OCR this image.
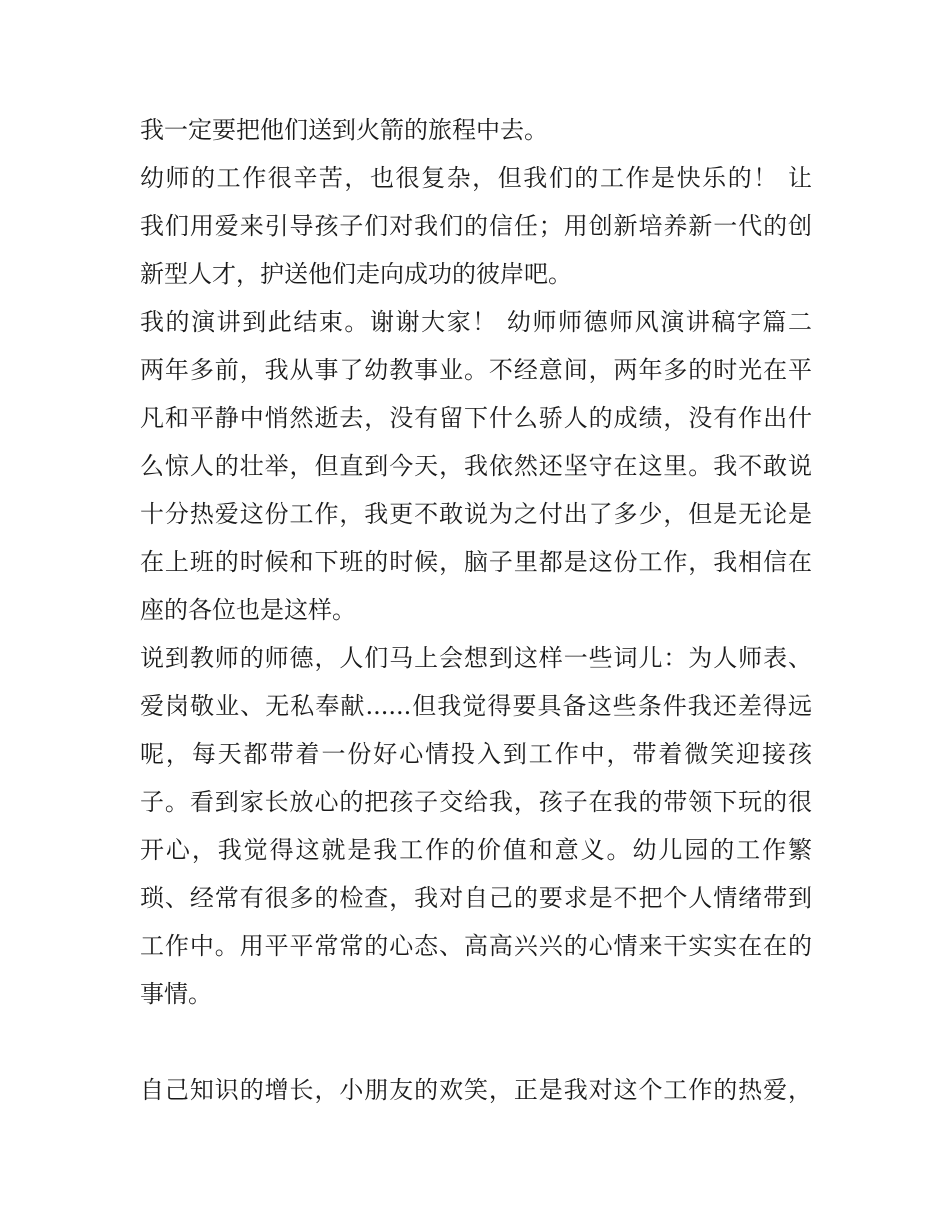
我一定要把他们送到火箭的旅程中去。
幼师的工作很辛苦，也很复杂，但我们的工作是快乐的！ 让
我们用爱来引导孩子们对我们的信任；用创新培养新一代的创
新型人才，护送他们走向成功的彼岸吧。
我的演讲到此结束。谢谢大家！ 幼师师德师风演讲稿字篇二
两年多前，我从事了幼教事业。不经意间，两年多的时光在平
凡和平静中悄然逝去，没有留下什么骄人的成绩，没有作出什
么惊人的壮举，但直到今天，我依然还坚守在这里。我不敢说
十分热爱这份工作，我更不敢说为之付出了多少，但是无论是
在上班的时候和下班的时候，脑子里都是这份工作，我相信在
座的各位也是这样。
说到教师的师德，人们马上会想到这样一些词儿：为人师表、
爱岗敬业、无私奉献......但我觉得要具备这些条件我还差得远
呢，每天都带着一份好心情投入到工作中，带着微笑迎接孩
子。看到家长放心的把孩子交给我，孩子在我的带领下玩的很
开心，我觉得这就是我工作的价值和意义。幼儿园的工作繁
琐、经常有很多的检查，我对自己的要求是不把个人情绪带到
工作中。用平平常常的心态、高高兴兴的心情来干实实在在的
事情。
自己知识的增长，小朋友的欢笑，正是我对这个工作的热爱，
